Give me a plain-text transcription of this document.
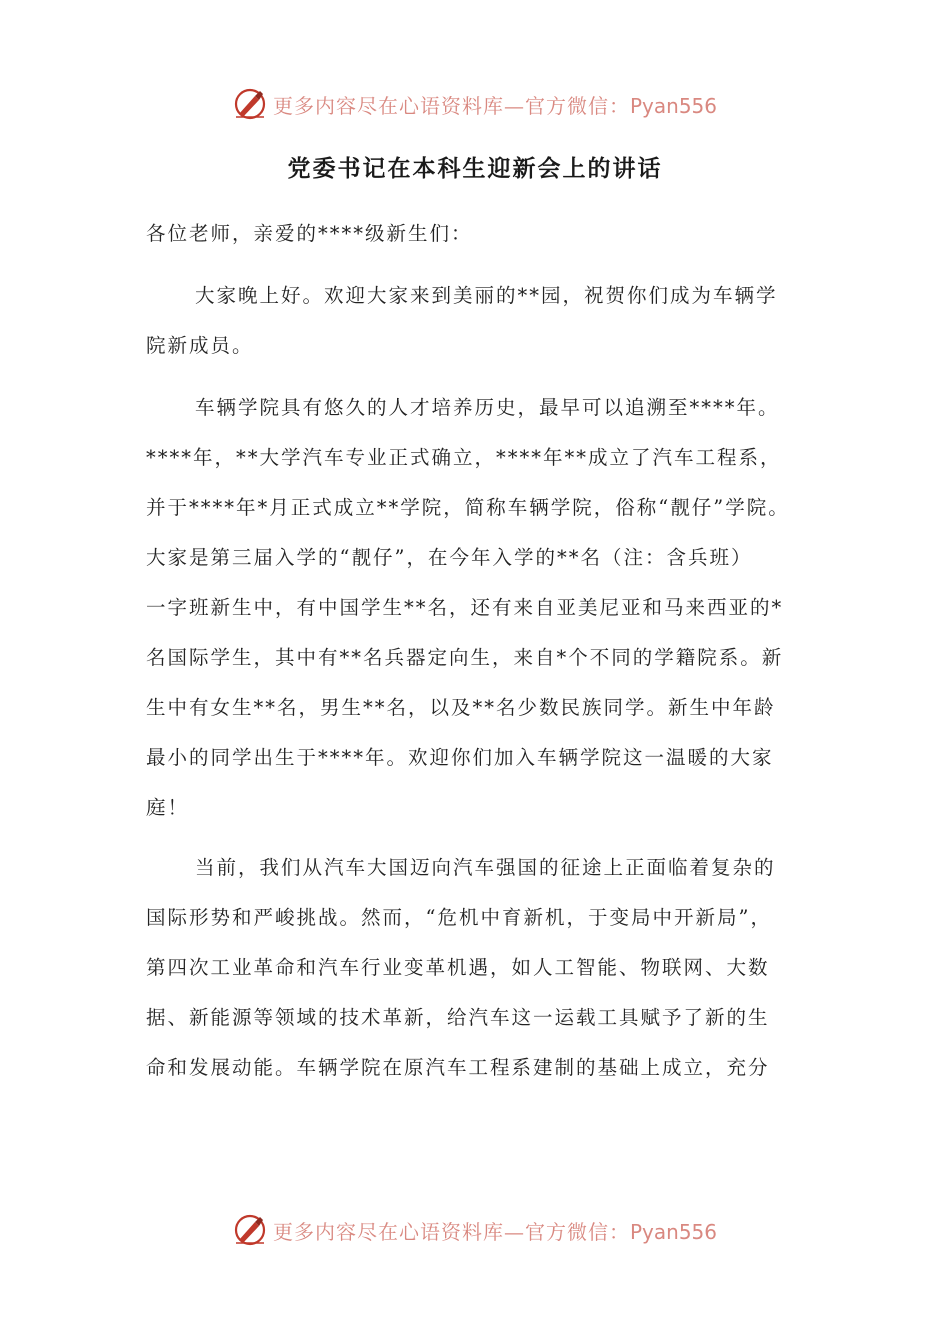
更多内容尽在心语资料库—官方微信：Pyan556
党委书记在本科生迎新会上的讲话
各位老师，亲爱的****级新生们：
大家晚上好。欢迎大家来到美丽的**园，祝贺你们成为车辆学
院新成员。
车辆学院具有悠久的人才培养历史，最早可以追溯至****年。
****年，**大学汽车专业正式确立，****年**成立了汽车工程系，
并于****年*月正式成立**学院，简称车辆学院，俗称“靓仔”学院。
大家是第三届入学的“靓仔”，在今年入学的**名（注：含兵班）
一字班新生中，有中国学生**名，还有来自亚美尼亚和马来西亚的*
名国际学生，其中有**名兵器定向生，来自*个不同的学籍院系。新
生中有女生**名，男生**名，以及**名少数民族同学。新生中年龄
最小的同学出生于****年。欢迎你们加入车辆学院这一温暖的大家
庭！
当前，我们从汽车大国迈向汽车强国的征途上正面临着复杂的
国际形势和严峻挑战。然而，“危机中育新机，于变局中开新局”，
第四次工业革命和汽车行业变革机遇，如人工智能、物联网、大数
据、新能源等领域的技术革新，给汽车这一运载工具赋予了新的生
命和发展动能。车辆学院在原汽车工程系建制的基础上成立，充分
更多内容尽在心语资料库—官方微信：Pyan556
